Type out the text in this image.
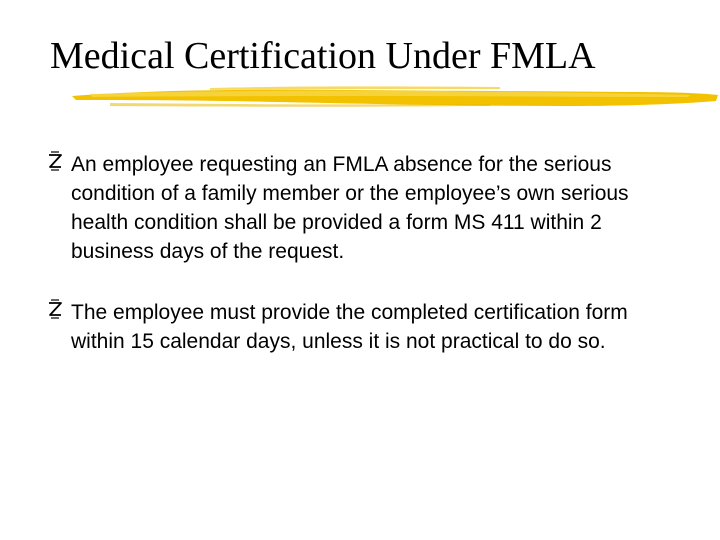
Medical Certification Under FMLA
An employee requesting an FMLA absence for the serious condition of a family member or the employee’s own serious health condition shall be provided a form MS 411 within 2 business days of the request.
The employee must provide the completed certification form within 15 calendar days, unless it is not practical to do so.
